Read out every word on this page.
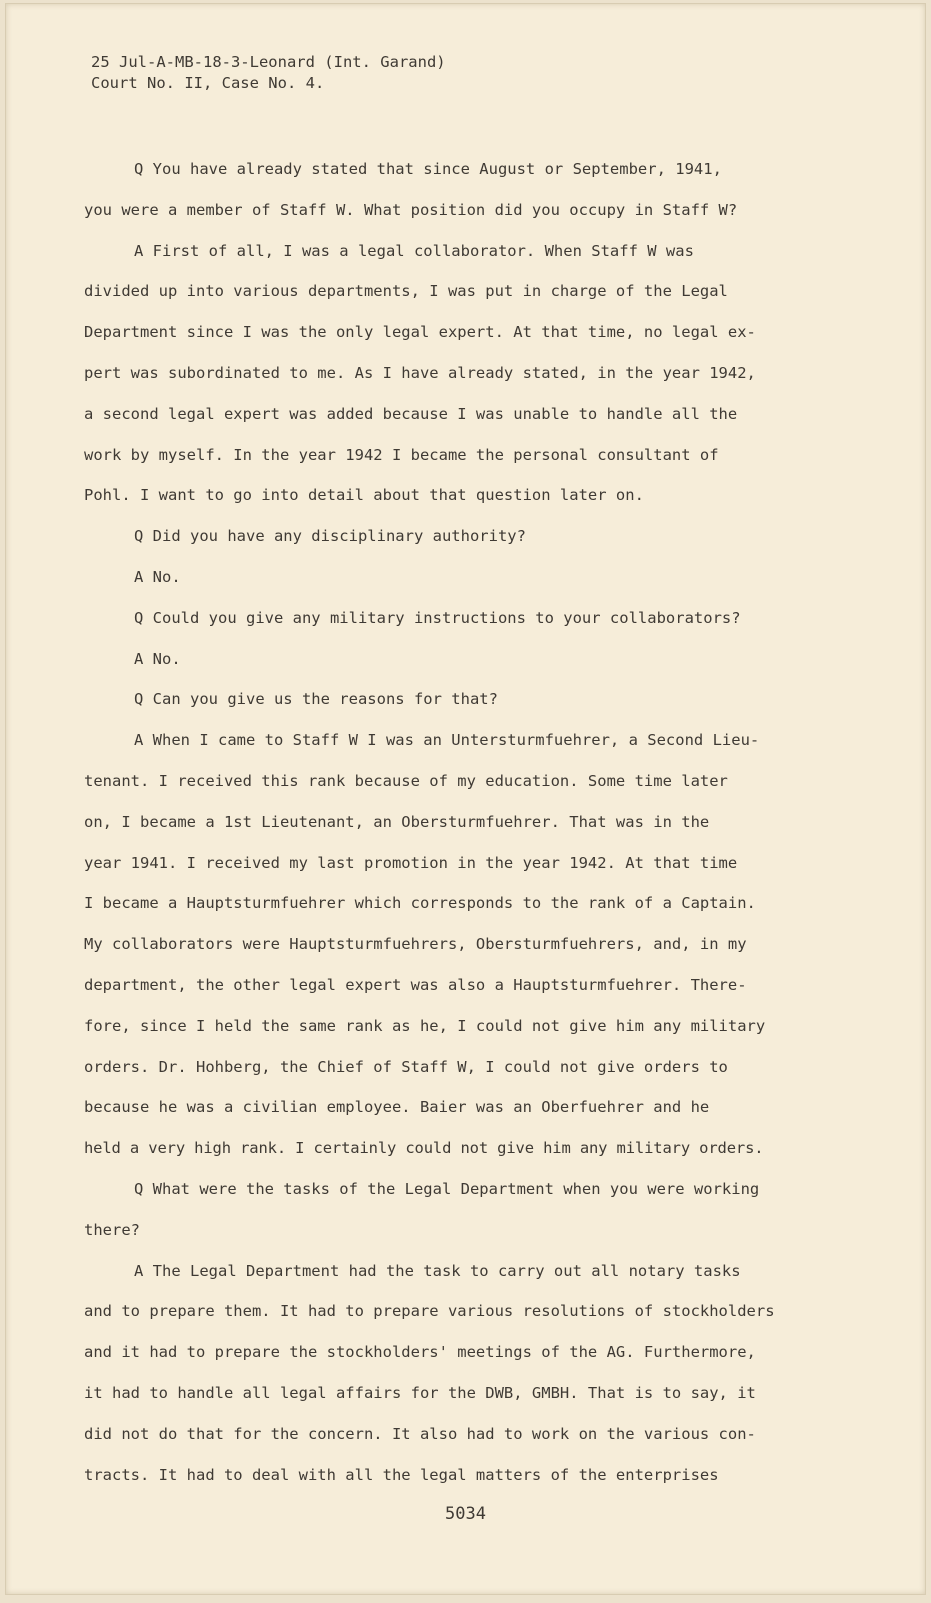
25 Jul-A-MB-18-3-Leonard (Int. Garand)
Court No. II, Case No. 4.
Q You have already stated that since August or September, 1941,
you were a member of Staff W. What position did you occupy in Staff W?
A First of all, I was a legal collaborator. When Staff W was
divided up into various departments, I was put in charge of the Legal
Department since I was the only legal expert. At that time, no legal ex-
pert was subordinated to me. As I have already stated, in the year 1942,
a second legal expert was added because I was unable to handle all the
work by myself. In the year 1942 I became the personal consultant of
Pohl. I want to go into detail about that question later on.
Q Did you have any disciplinary authority?
A No.
Q Could you give any military instructions to your collaborators?
A No.
Q Can you give us the reasons for that?
A When I came to Staff W I was an Untersturmfuehrer, a Second Lieu-
tenant. I received this rank because of my education. Some time later
on, I became a 1st Lieutenant, an Obersturmfuehrer. That was in the
year 1941. I received my last promotion in the year 1942. At that time
I became a Hauptsturmfuehrer which corresponds to the rank of a Captain.
My collaborators were Hauptsturmfuehrers, Obersturmfuehrers, and, in my
department, the other legal expert was also a Hauptsturmfuehrer. There-
fore, since I held the same rank as he, I could not give him any military
orders. Dr. Hohberg, the Chief of Staff W, I could not give orders to
because he was a civilian employee. Baier was an Oberfuehrer and he
held a very high rank. I certainly could not give him any military orders.
Q What were the tasks of the Legal Department when you were working
there?
A The Legal Department had the task to carry out all notary tasks
and to prepare them. It had to prepare various resolutions of stockholders
and it had to prepare the stockholders' meetings of the AG. Furthermore,
it had to handle all legal affairs for the DWB, GMBH. That is to say, it
did not do that for the concern. It also had to work on the various con-
tracts. It had to deal with all the legal matters of the enterprises
5034
